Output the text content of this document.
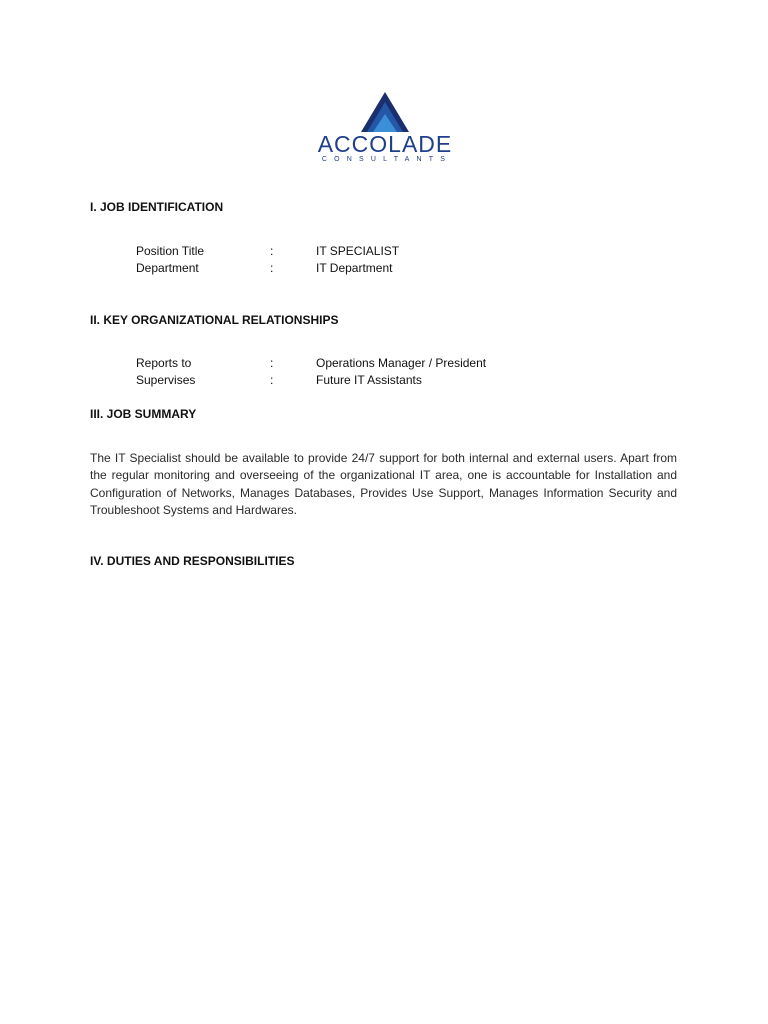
ACCOLADE
CONSULTANTS
I. JOB IDENTIFICATION
Position Title	:	IT SPECIALIST
Department	:	IT Department
II. KEY ORGANIZATIONAL RELATIONSHIPS
Reports to	:	Operations Manager / President
Supervises	:	Future IT Assistants
III. JOB SUMMARY

The IT Specialist should be available to provide 24/7 support for both internal and external users. Apart from the regular monitoring and overseeing of the organizational IT area, one is accountable for Installation and Configuration of Networks, Manages Databases, Provides Use Support, Manages Information Security and Troubleshoot Systems and Hardwares.

IV. DUTIES AND RESPONSIBILITIES
